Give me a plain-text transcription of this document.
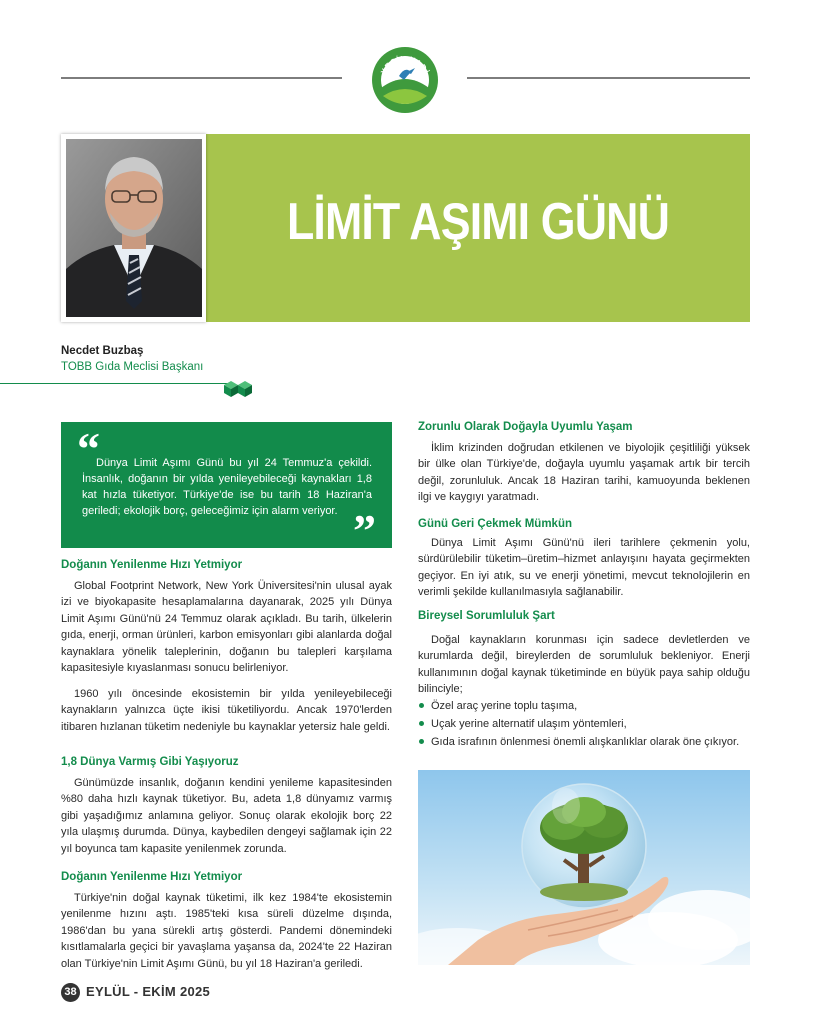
YEŞİL VADİ
LİMİT AŞIMI GÜNÜ
Necdet Buzbaş
TOBB Gıda Meclisi Başkanı
“
Dünya Limit Aşımı Günü bu yıl 24 Temmuz'a çekildi. İnsanlık, doğanın bir yılda yenileyebileceği kaynakları 1,8 kat hızla tüketiyor. Türkiye'de ise bu tarih 18 Haziran'a geriledi; ekolojik borç, geleceğimiz için alarm veriyor. ”
Doğanın Yenilenme Hızı Yetmiyor

Global Footprint Network, New York Üniversitesi'nin ulusal ayak izi ve biyokapasite hesaplamalarına dayanarak, 2025 yılı Dünya Limit Aşımı Günü'nü 24 Temmuz olarak açıkladı. Bu tarih, ülkelerin gıda, enerji, orman ürünleri, karbon emisyonları gibi alanlarda doğal kaynaklara yönelik taleplerinin, doğanın bu talepleri karşılama kapasitesiyle kıyaslanması sonucu belirleniyor.

1960 yılı öncesinde ekosistemin bir yılda yenileyebileceği kaynakların yalnızca üçte ikisi tüketiliyordu. Ancak 1970'lerden itibaren hızlanan tüketim nedeniyle bu kaynaklar yetersiz hale geldi.

1,8 Dünya Varmış Gibi Yaşıyoruz

Günümüzde insanlık, doğanın kendini yenileme kapasitesinden %80 daha hızlı kaynak tüketiyor. Bu, adeta 1,8 dünyamız varmış gibi yaşadığımız anlamına geliyor. Sonuç olarak ekolojik borç 22 yıla ulaşmış durumda. Dünya, kaybedilen dengeyi sağlamak için 22 yıl boyunca tam kapasite yenilenmek zorunda.

Doğanın Yenilenme Hızı Yetmiyor

Türkiye'nin doğal kaynak tüketimi, ilk kez 1984'te ekosistemin yenilenme hızını aştı. 1985'teki kısa süreli düzelme dışında, 1986'dan bu yana sürekli artış gösterdi. Pandemi dönemindeki kısıtlamalarla geçici bir yavaşlama yaşansa da, 2024'te 22 Haziran olan Türkiye'nin Limit Aşımı Günü, bu yıl 18 Haziran'a geriledi.

Zorunlu Olarak Doğayla Uyumlu Yaşam

İklim krizinden doğrudan etkilenen ve biyolojik çeşitliliği yüksek bir ülke olan Türkiye'de, doğayla uyumlu yaşamak artık bir tercih değil, zorunluluk. Ancak 18 Haziran tarihi, kamuoyunda beklenen ilgi ve kaygıyı yaratmadı.

Günü Geri Çekmek Mümkün

Dünya Limit Aşımı Günü'nü ileri tarihlere çekmenin yolu, sürdürülebilir tüketim–üretim–hizmet anlayışını hayata geçirmekten geçiyor. En iyi atık, su ve enerji yönetimi, mevcut teknolojilerin en verimli şekilde kullanılmasıyla sağlanabilir.

Bireysel Sorumluluk Şart

Doğal kaynakların korunması için sadece devletlerden ve kurumlarda değil, bireylerden de sorumluluk bekleniyor. Enerji kullanımının doğal kaynak tüketiminde en büyük paya sahip olduğu bilinciyle;

Özel araç yerine toplu taşıma,
Uçak yerine alternatif ulaşım yöntemleri,
Gıda israfının önlenmesi önemli alışkanlıklar olarak öne çıkıyor.
38 EYLÜL - EKİM 2025
